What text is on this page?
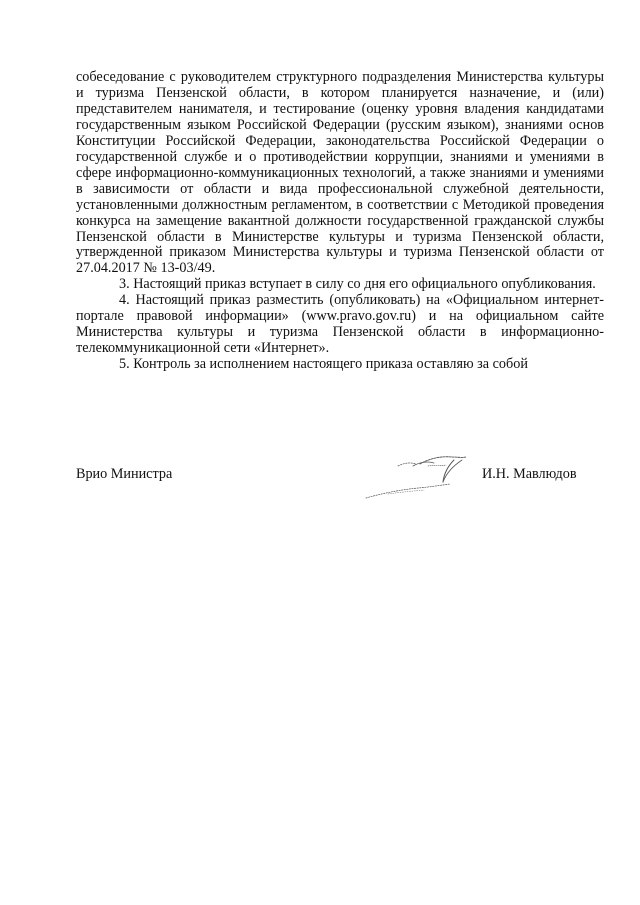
собеседование с руководителем структурного подразделения Министерства культуры и туризма Пензенской области, в котором планируется назначение, и (или) представителем нанимателя, и тестирование (оценку уровня владения кандидатами государственным языком Российской Федерации (русским языком), знаниями основ Конституции Российской Федерации, законодательства Российской Федерации о государственной службе и о противодействии коррупции, знаниями и умениями в сфере информационно-коммуникационных технологий, а также знаниями и умениями в зависимости от области и вида профессиональной служебной деятельности, установленными должностным регламентом, в соответствии с Методикой проведения конкурса на замещение вакантной должности государственной гражданской службы Пензенской области в Министерстве культуры и туризма Пензенской области, утвержденной приказом Министерства культуры и туризма Пензенской области от 27.04.2017 № 13-03/49.

3. Настоящий приказ вступает в силу со дня его официального опубликования.

4. Настоящий приказ разместить (опубликовать) на «Официальном интернет-портале правовой информации» (www.pravo.gov.ru) и на официальном сайте Министерства культуры и туризма Пензенской области в информационно-телекоммуникационной сети «Интернет».

5. Контроль за исполнением настоящего приказа оставляю за собой

Врио Министра	И.Н. Мавлюдов
